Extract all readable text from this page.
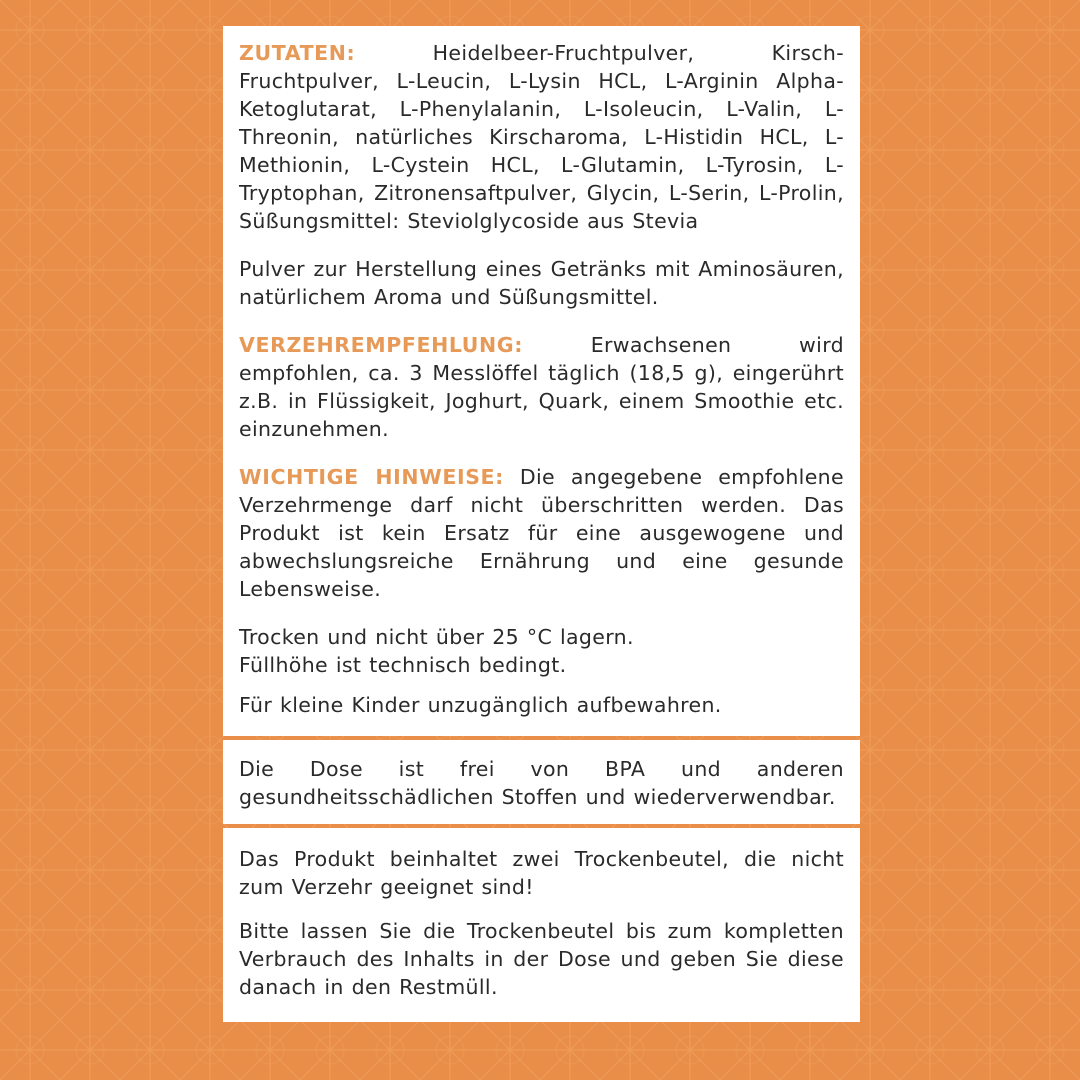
ZUTATEN:	Heidelbeer-Fruchtpulver, Kirsch-Fruchtpulver, L-Leucin, L-Lysin HCL, L-Arginin Alpha-Ketoglutarat, L-Phenylalanin, L-Isoleucin, L-Valin, L-Threonin, natürliches Kirscharoma, L-Histidin HCL, L-Methionin, L-Cystein HCL, L-Glutamin, L-Tyrosin, L-Tryptophan, Zitronensaftpulver, Glycin, L-Serin, L-Prolin, Süßungsmittel: Steviolglycoside aus Stevia

Pulver zur Herstellung eines Getränks mit Aminosäuren, natürlichem Aroma und Süßungsmittel.

VERZEHREMPFEHLUNG:	Erwachsenen wird empfohlen, ca. 3 Messlöffel täglich (18,5 g), eingerührt z.B. in Flüssigkeit, Joghurt, Quark, einem Smoothie etc. einzunehmen.

WICHTIGE HINWEISE: Die angegebene empfohlene Verzehrmenge darf nicht überschritten werden. Das Produkt ist kein Ersatz für eine ausgewogene und abwechslungsreiche Ernährung und eine gesunde Lebensweise.

Trocken und nicht über 25 °C lagern.
Füllhöhe ist technisch bedingt.

Für kleine Kinder unzugänglich aufbewahren.

Die Dose ist frei von BPA und anderen gesundheitsschädlichen Stoffen und wiederverwendbar.

Das Produkt beinhaltet zwei Trockenbeutel, die nicht zum Verzehr geeignet sind!

Bitte lassen Sie die Trockenbeutel bis zum kompletten Verbrauch des Inhalts in der Dose und geben Sie diese danach in den Restmüll.
